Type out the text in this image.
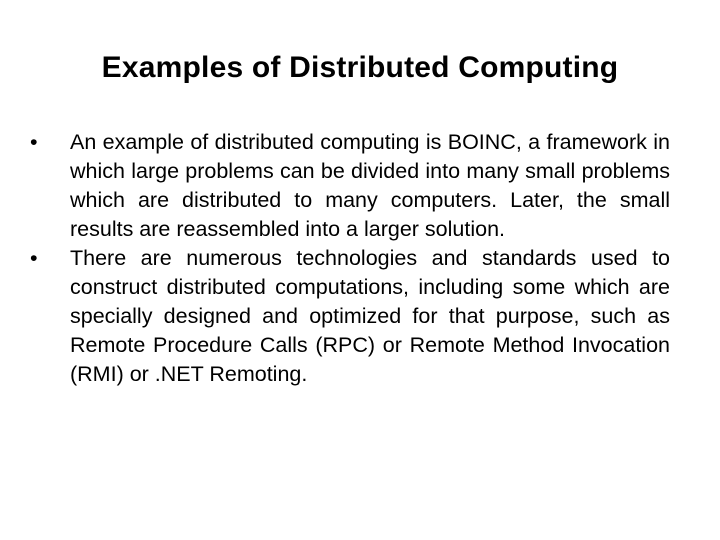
Examples of Distributed Computing
•	An example of distributed computing is BOINC, a framework in which large problems can be divided into many small problems which are distributed to many computers. Later, the small results are reassembled into a larger solution.
•	There are numerous technologies and standards used to construct distributed computations, including some which are specially designed and optimized for that purpose, such as Remote Procedure Calls (RPC) or Remote Method Invocation (RMI) or .NET Remoting.
